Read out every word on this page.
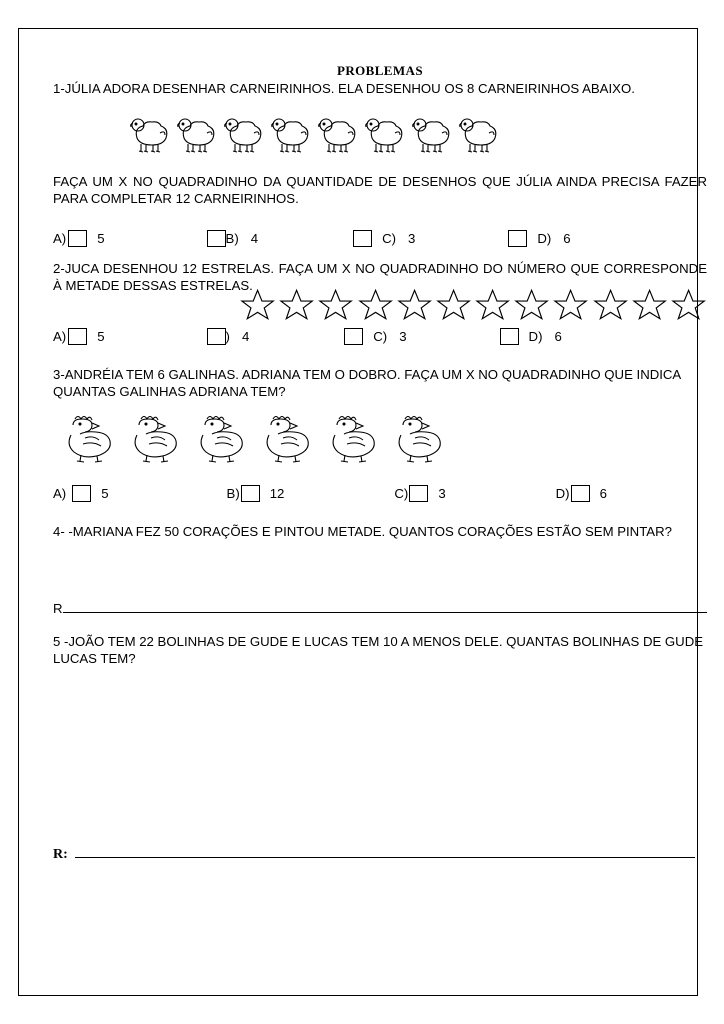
PROBLEMAS

1-JÚLIA ADORA DESENHAR CARNEIRINHOS. ELA DESENHOU OS 8 CARNEIRINHOS ABAIXO.

FAÇA UM X NO QUADRADINHO DA QUANTIDADE DE DESENHOS QUE JÚLIA AINDA PRECISA FAZER PARA COMPLETAR 12 CARNEIRINHOS.

A) 5	B) 4	C) 3	D) 6

2-JUCA DESENHOU 12 ESTRELAS. FAÇA UM X NO QUADRADINHO DO NÚMERO QUE CORRESPONDE À METADE DESSAS ESTRELAS.

A) 5	) 4	C) 3	D) 6

3-ANDRÉIA TEM 6 GALINHAS. ADRIANA TEM O DOBRO. FAÇA UM X NO QUADRADINHO QUE INDICA QUANTAS GALINHAS ADRIANA TEM?

A)	5	B) 12	C) 3	D) 6

4- -MARIANA FEZ 50 CORAÇÕES E PINTOU METADE. QUANTOS CORAÇÕES ESTÃO SEM PINTAR?

R

5 -JOÃO TEM 22 BOLINHAS DE GUDE E LUCAS TEM 10 A MENOS DELE. QUANTAS BOLINHAS DE GUDE LUCAS TEM?

R:
